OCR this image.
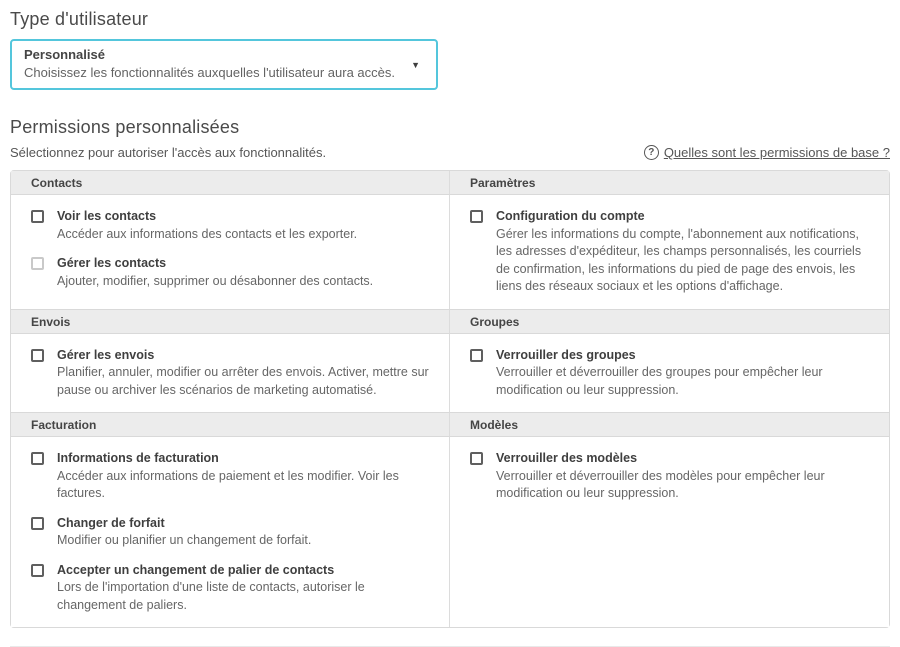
Type d'utilisateur
Personnalisé
Choisissez les fonctionnalités auxquelles l'utilisateur aura accès.
▼
Permissions personnalisées
Sélectionnez pour autoriser l'accès aux fonctionnalités.	? Quelles sont les permissions de base ?
Contacts	Paramètres

Voir les contacts
Accéder aux informations des contacts et les exporter.
Gérer les contacts
Ajouter, modifier, supprimer ou désabonner des contacts.

Configuration du compte
Gérer les informations du compte, l'abonnement aux notifications, les adresses d'expéditeur, les champs personnalisés, les courriels de confirmation, les informations du pied de page des envois, les liens des réseaux sociaux et les options d'affichage.

Envois	Groupes

Gérer les envois
Planifier, annuler, modifier ou arrêter des envois. Activer, mettre sur pause ou archiver les scénarios de marketing automatisé.

Verrouiller des groupes
Verrouiller et déverrouiller des groupes pour empêcher leur modification ou leur suppression.

Facturation	Modèles

Informations de facturation
Accéder aux informations de paiement et les modifier. Voir les factures.
Changer de forfait
Modifier ou planifier un changement de forfait.
Accepter un changement de palier de contacts
Lors de l'importation d'une liste de contacts, autoriser le changement de paliers.

Verrouiller des modèles
Verrouiller et déverrouiller des modèles pour empêcher leur modification ou leur suppression.
